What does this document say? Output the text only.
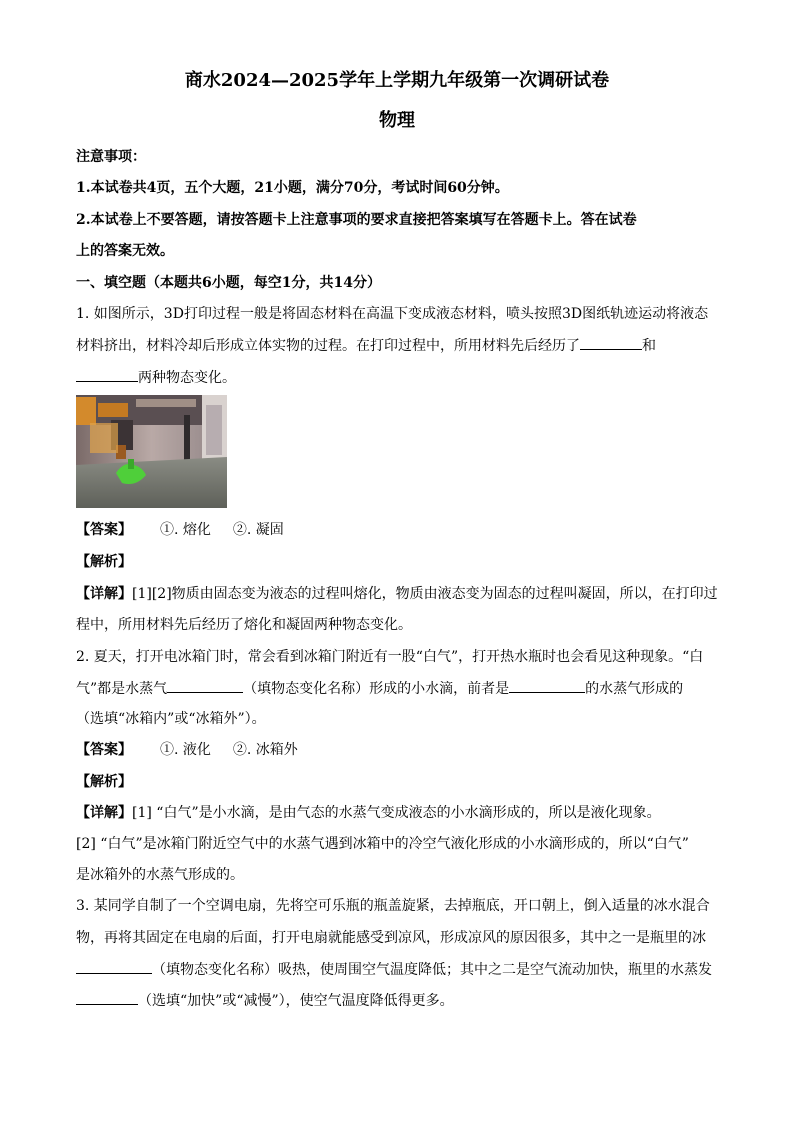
商水2024—2025学年上学期九年级第一次调研试卷
物理
注意事项：
1.本试卷共4页，五个大题，21小题，满分70分，考试时间60分钟。
2.本试卷上不要答题，请按答题卡上注意事项的要求直接把答案填写在答题卡上。答在试卷
上的答案无效。
一、填空题（本题共6小题，每空1分，共14分）
1. 如图所示，3D打印过程一般是将固态材料在高温下变成液态材料，喷头按照3D图纸轨迹运动将液态
材料挤出，材料冷却后形成立体实物的过程。在打印过程中，所用材料先后经历了	和
两种物态变化。
【答案】 ①. 熔化 ②. 凝固
【解析】
【详解】[1][2]物质由固态变为液态的过程叫熔化，物质由液态变为固态的过程叫凝固，所以，在打印过
程中，所用材料先后经历了熔化和凝固两种物态变化。
2. 夏天，打开电冰箱门时，常会看到冰箱门附近有一股“白气”，打开热水瓶时也会看见这种现象。“白
气”都是水蒸气	（填物态变化名称）形成的小水滴，前者是	的水蒸气形成的
（选填“冰箱内”或“冰箱外”）。
【答案】 ①. 液化 ②. 冰箱外
【解析】
【详解】[1] “白气”是小水滴，是由气态的水蒸气变成液态的小水滴形成的，所以是液化现象。
[2] “白气”是冰箱门附近空气中的水蒸气遇到冰箱中的冷空气液化形成的小水滴形成的，所以“白气”
是冰箱外的水蒸气形成的。
3. 某同学自制了一个空调电扇，先将空可乐瓶的瓶盖旋紧，去掉瓶底，开口朝上，倒入适量的冰水混合
物，再将其固定在电扇的后面，打开电扇就能感受到凉风，形成凉风的原因很多，其中之一是瓶里的冰
（填物态变化名称）吸热，使周围空气温度降低；其中之二是空气流动加快，瓶里的水蒸发
（选填“加快”或“减慢”），使空气温度降低得更多。
